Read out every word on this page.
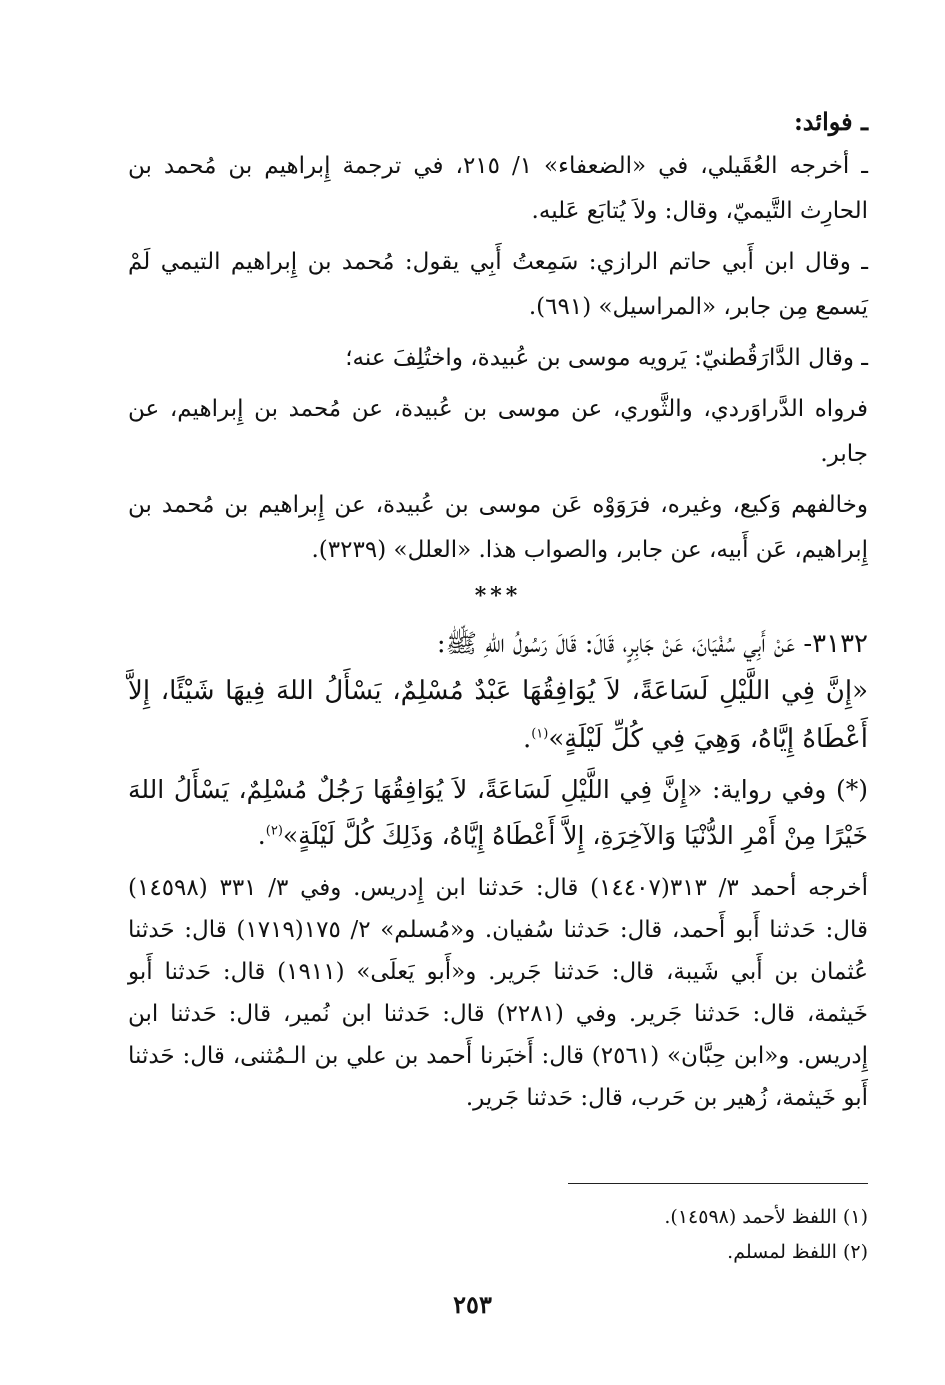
ـ فوائد:

ـ أخرجه العُقَيلي، في «الضعفاء» ١/ ٢١٥، في ترجمة إِبراهيم بن مُحمد بن الحارِث التَّيميّ، وقال: ولاَ يُتابَع عَليه.

ـ وقال ابن أَبي حاتم الرازي: سَمِعتُ أَبِي يقول: مُحمد بن إِبراهيم التيمي لَمْ يَسمع مِن جابر، «المراسيل» (٦٩١).

ـ وقال الدَّارَقُطنيّ: يَرويه موسى بن عُبيدة، واختُلِفَ عنه؛

فرواه الدَّراوَردي، والثَّوري، عن موسى بن عُبيدة، عن مُحمد بن إِبراهيم، عن جابر.

وخالفهم وَكيع، وغيره، فرَوَوْه عَن موسى بن عُبيدة، عن إِبراهيم بن مُحمد بن إِبراهيم، عَن أَبيه، عن جابر، والصواب هذا. «العلل» (٣٢٣٩).

***

٣١٣٢- عَنْ أَبِي سُفْيَانَ، عَنْ جَابِرٍ، قَالَ: قَالَ رَسُولُ اللهِ ﷺ:

«إِنَّ فِي اللَّيْلِ لَسَاعَةً، لاَ يُوَافِقُهَا عَبْدٌ مُسْلِمٌ، يَسْأَلُ اللهَ فِيهَا شَيْئًا، إِلاَّ أَعْطَاهُ إِيَّاهُ، وَهِيَ فِي كُلِّ لَيْلَةٍ»$^{(١)}$.

(*) وفي رواية: «إِنَّ فِي اللَّيْلِ لَسَاعَةً، لاَ يُوَافِقُهَا رَجُلٌ مُسْلِمٌ، يَسْأَلُ اللهَ خَيْرًا مِنْ أَمْرِ الدُّنْيَا وَالآخِرَةِ، إِلاَّ أَعْطَاهُ إِيَّاهُ، وَذَلِكَ كُلَّ لَيْلَةٍ»$^{(٢)}$.

أخرجه أحمد ٣/ ٣١٣(١٤٤٠٧) قال: حَدثنا ابن إِدريس. وفي ٣/ ٣٣١ (١٤٥٩٨) قال: حَدثنا أَبو أَحمد، قال: حَدثنا سُفيان. و«مُسلم» ٢/ ١٧٥(١٧١٩) قال: حَدثنا عُثمان بن أَبي شَيبة، قال: حَدثنا جَرير. و«أَبو يَعلَى» (١٩١١) قال: حَدثنا أَبو خَيثمة، قال: حَدثنا جَرير. وفي (٢٢٨١) قال: حَدثنا ابن نُمير، قال: حَدثنا ابن إِدريس. و«ابن حِبَّان» (٢٥٦١) قال: أَخبَرنا أَحمد بن علي بن الـمُثنى، قال: حَدثنا أَبو خَيثمة، زُهير بن حَرب، قال: حَدثنا جَرير.

(١) اللفظ لأحمد (١٤٥٩٨).

(٢) اللفظ لمسلم.

٢٥٣
